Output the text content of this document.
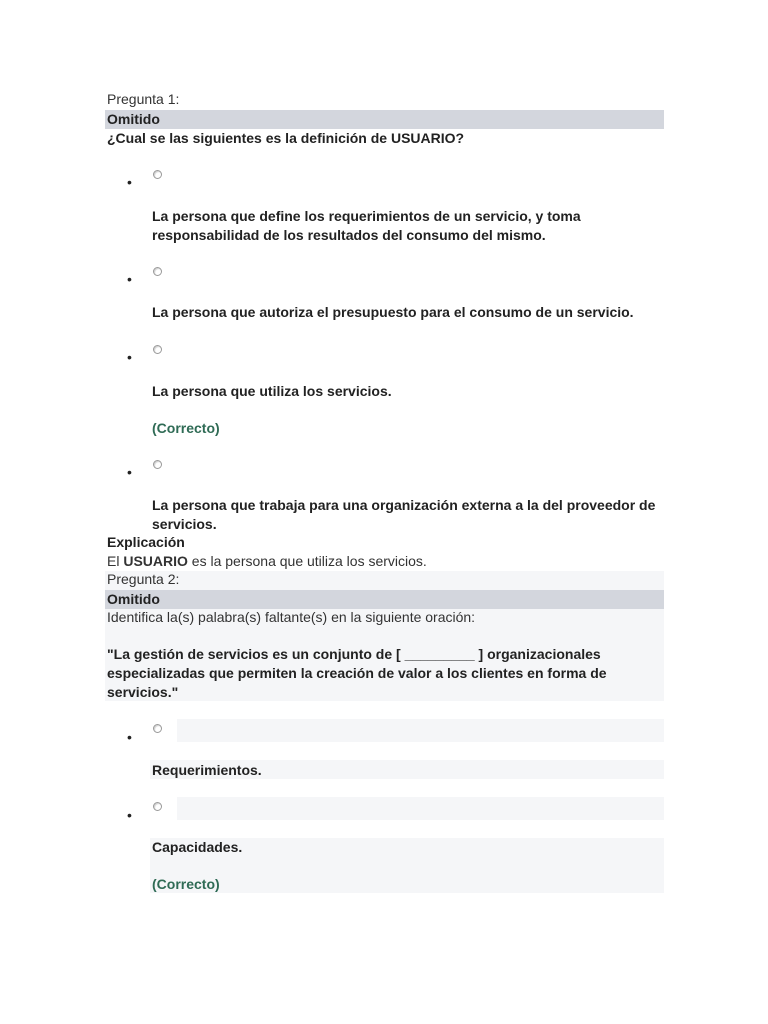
Pregunta 1:
Omitido
¿Cual se las siguientes es la definición de USUARIO?
•
La persona que define los requerimientos de un servicio, y toma responsabilidad de los resultados del consumo del mismo.
•
La persona que autoriza el presupuesto para el consumo de un servicio.
•
La persona que utiliza los servicios.
(Correcto)
•
La persona que trabaja para una organización externa a la del proveedor de servicios.
Explicación
El USUARIO es la persona que utiliza los servicios.
Pregunta 2:
Omitido
Identifica la(s) palabra(s) faltante(s) en la siguiente oración:
"La gestión de servicios es un conjunto de [ _________ ] organizacionales especializadas que permiten la creación de valor a los clientes en forma de servicios."
•
Requerimientos.
•
Capacidades.
(Correcto)
